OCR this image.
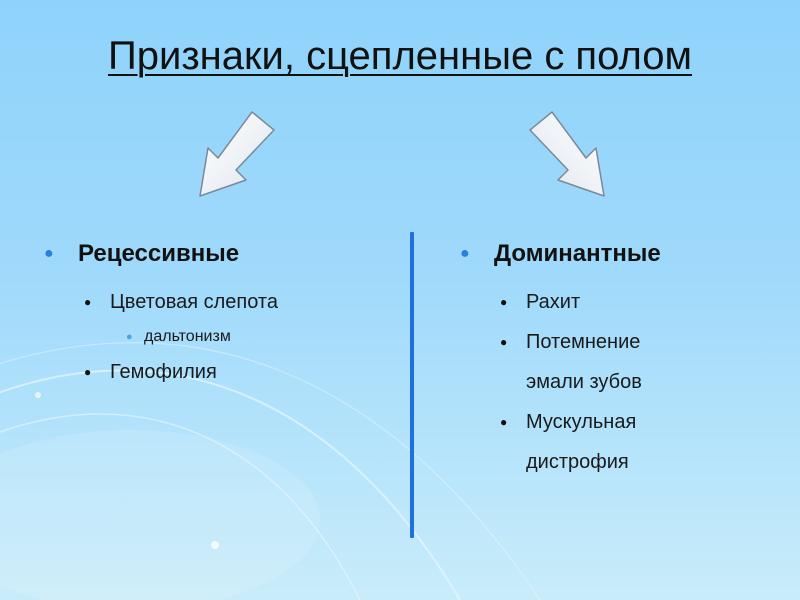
Признаки, сцепленные с полом
●	Рецессивные
● Цветовая слепота
● дальтонизм
● Гемофилия
●	Доминантные
● Рахит
● Потемнение эмали зубов
● Мускульная дистрофия
